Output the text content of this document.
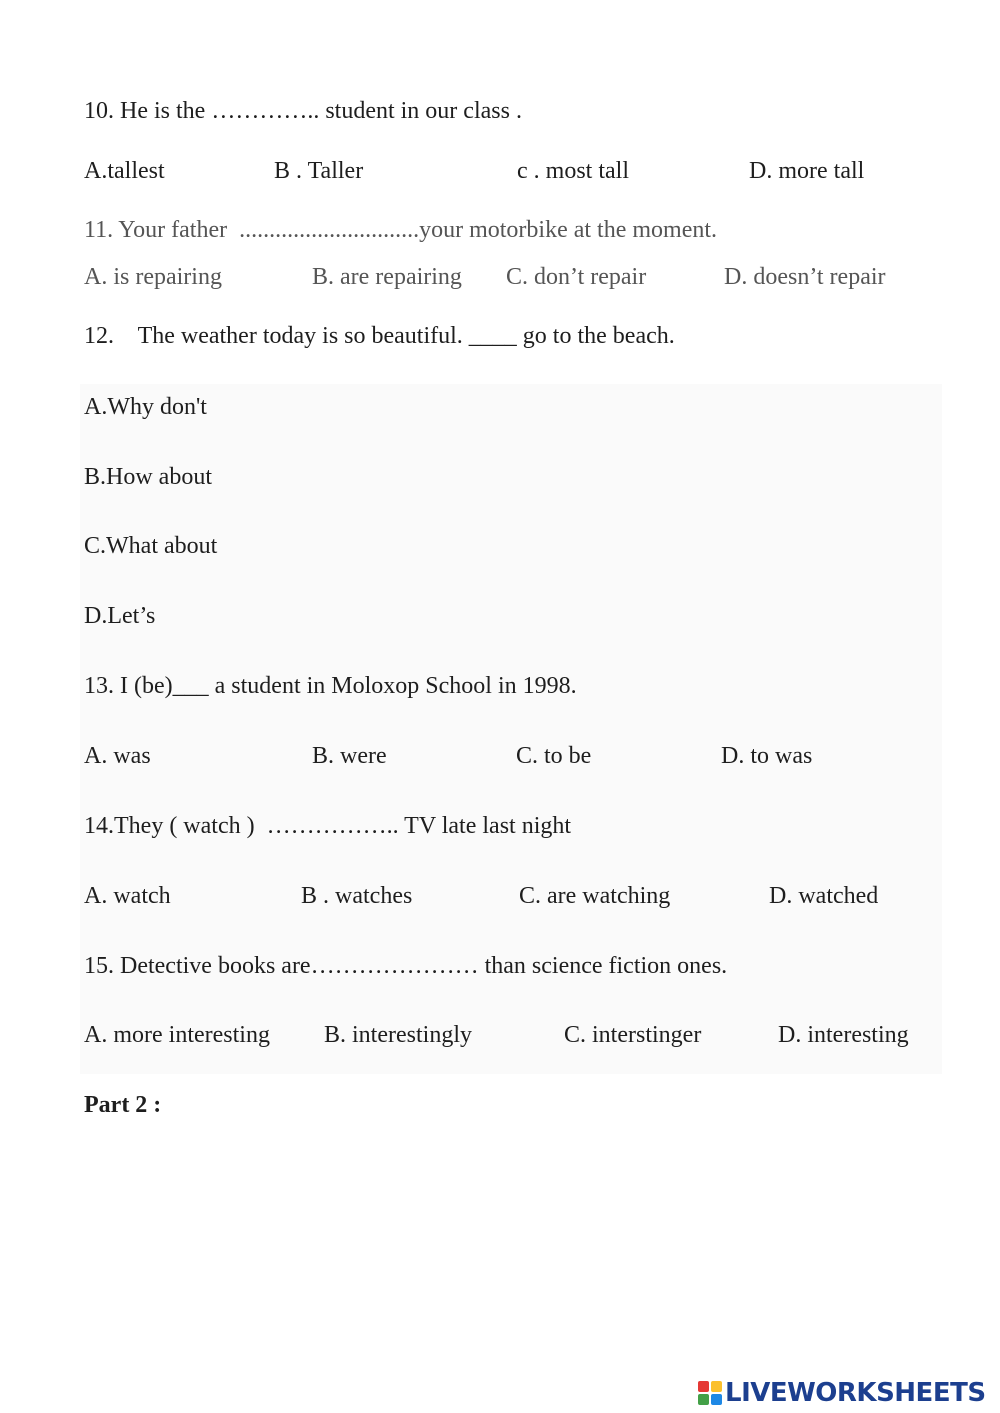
10. He is the ………….. student in our class .
A.tallest	B . Taller	c . most tall	D. more tall
11. Your father  ..............................your motorbike at the moment.
A. is repairing	B. are repairing C. don’t repair	D. doesn’t repair
12.    The weather today is so beautiful. ____ go to the beach.
A.Why don't
B.How about
C.What about
D.Let’s
13. I (be)___ a student in Moloxop School in 1998.
A. was	B. were	C. to be	D. to was
14.They ( watch )  …………….. TV late last night
A. watch	B . watches	C. are watching	D. watched
15. Detective books are………………… than science fiction ones.
A. more interesting B. interestingly	C. interstinger	D. interesting
Part 2 :
LIVEWORKSHEETS
